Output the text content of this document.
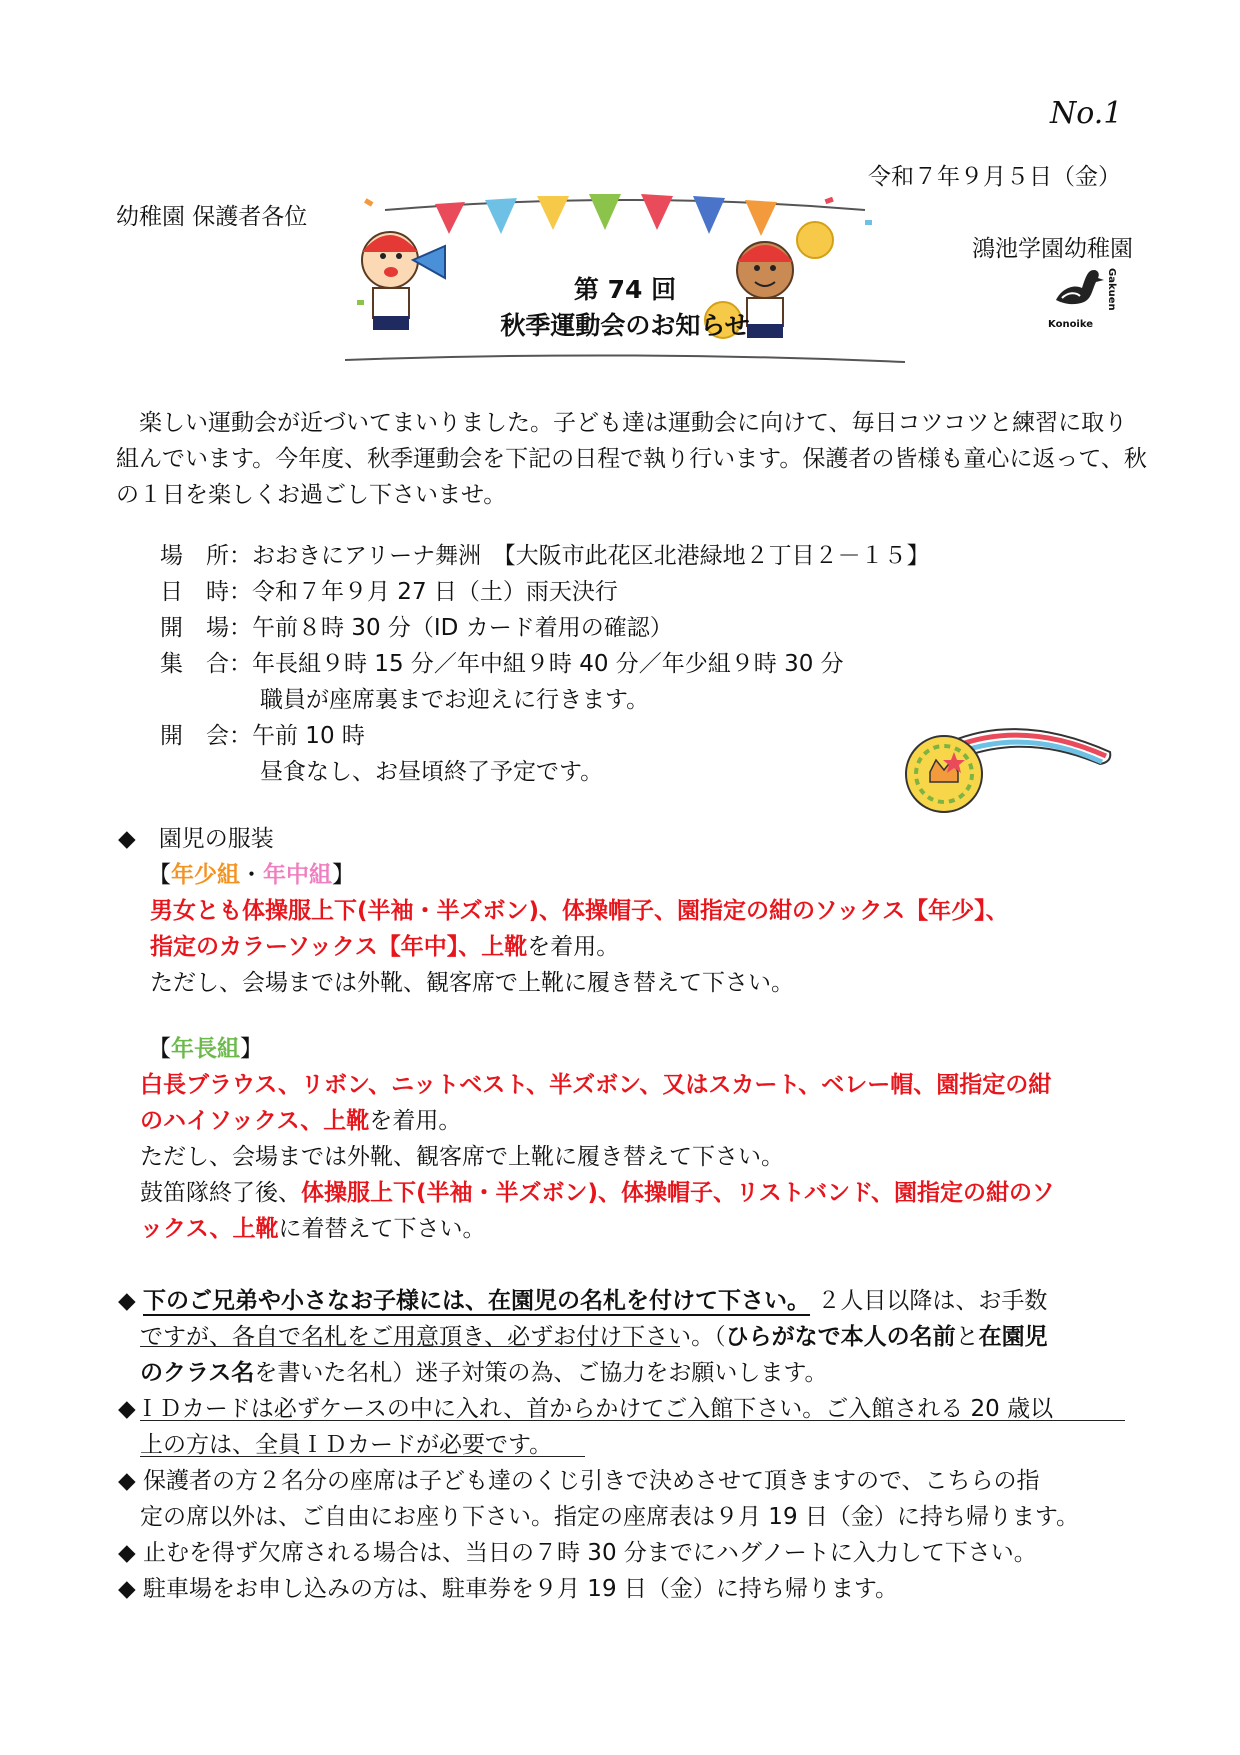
No.1
令和７年９月５日（金）
幼稚園 保護者各位
鴻池学園幼稚園
Konoike
Gakuen
第 74 回
秋季運動会のお知らせ
　楽しい運動会が近づいてまいりました。子ども達は運動会に向けて、毎日コツコツと練習に取り
組んでいます。今年度、秋季運動会を下記の日程で執り行います。保護者の皆様も童心に返って、秋
の１日を楽しくお過ごし下さいませ。
場　所：おおきにアリーナ舞洲　【大阪市此花区北港緑地２丁目２－１５】
日　時：令和７年９月 27 日（土）雨天決行
開　場：午前８時 30 分（ID カード着用の確認）
集　合：年長組９時 15 分／年中組９時 40 分／年少組９時 30 分
職員が座席裏までお迎えに行きます。
開　会：午前 10 時
昼食なし、お昼頃終了予定です。
◆　園児の服装
【年少組・年中組】
男女とも体操服上下(半袖・半ズボン)、体操帽子、園指定の紺のソックス【年少】、
指定のカラーソックス【年中】、上靴を着用。
ただし、会場までは外靴、観客席で上靴に履き替えて下さい。
【年長組】
白長ブラウス、リボン、ニットベスト、半ズボン、又はスカート、ベレー帽、園指定の紺
のハイソックス、上靴を着用。
ただし、会場までは外靴、観客席で上靴に履き替えて下さい。
鼓笛隊終了後、体操服上下(半袖・半ズボン)、体操帽子、リストバンド、園指定の紺のソ
ックス、上靴に着替えて下さい。
◆ 下のご兄弟や小さなお子様には、在園児の名札を付けて下さい。 ２人目以降は、お手数
ですが、各自で名札をご用意頂き、必ずお付け下さい。（ひらがなで本人の名前と在園児
のクラス名を書いた名札）迷子対策の為、ご協力をお願いします。
◆ＩＤカードは必ずケースの中に入れ、首からかけてご入館下さい。ご入館される 20 歳以
上の方は、全員ＩＤカードが必要です。
◆ 保護者の方２名分の座席は子ども達のくじ引きで決めさせて頂きますので、こちらの指
定の席以外は、ご自由にお座り下さい。指定の座席表は９月 19 日（金）に持ち帰ります。
◆ 止むを得ず欠席される場合は、当日の７時 30 分までにハグノートに入力して下さい。
◆ 駐車場をお申し込みの方は、駐車券を９月 19 日（金）に持ち帰ります。
